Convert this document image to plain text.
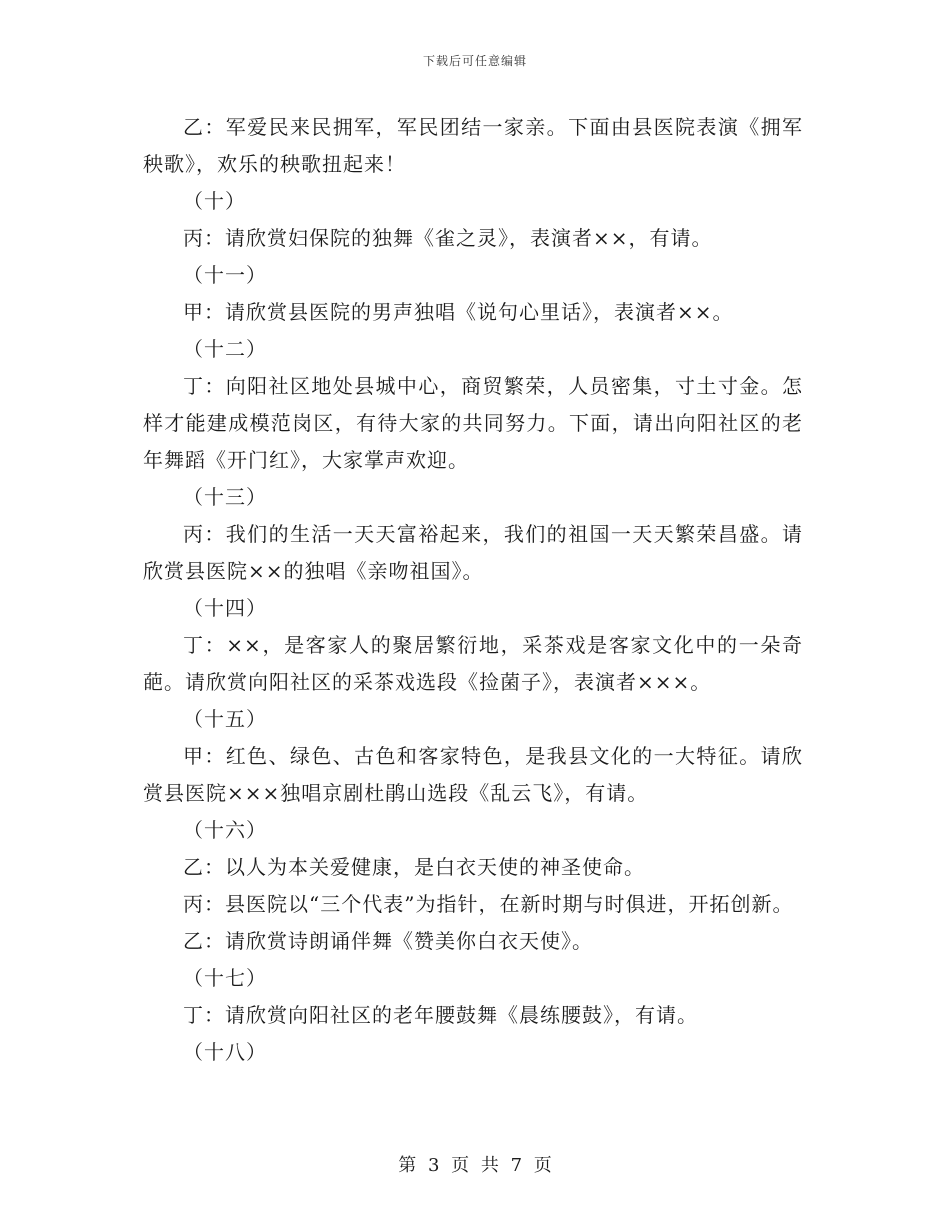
下载后可任意编辑

乙：军爱民来民拥军，军民团结一家亲。下面由县医院表演《拥军秧歌》，欢乐的秧歌扭起来！

（十）

丙：请欣赏妇保院的独舞《雀之灵》，表演者××，有请。

（十一）

甲：请欣赏县医院的男声独唱《说句心里话》，表演者××。

（十二）

丁：向阳社区地处县城中心，商贸繁荣，人员密集，寸土寸金。怎样才能建成模范岗区，有待大家的共同努力。下面，请出向阳社区的老年舞蹈《开门红》，大家掌声欢迎。

（十三）

丙：我们的生活一天天富裕起来，我们的祖国一天天繁荣昌盛。请欣赏县医院××的独唱《亲吻祖国》。

（十四）

丁：××，是客家人的聚居繁衍地，采茶戏是客家文化中的一朵奇葩。请欣赏向阳社区的采茶戏选段《捡菌子》，表演者×××。

（十五）

甲：红色、绿色、古色和客家特色，是我县文化的一大特征。请欣赏县医院×××独唱京剧杜鹃山选段《乱云飞》，有请。

（十六）

乙：以人为本关爱健康，是白衣天使的神圣使命。

丙：县医院以“三个代表”为指针，在新时期与时俱进，开拓创新。

乙：请欣赏诗朗诵伴舞《赞美你白衣天使》。

（十七）

丁：请欣赏向阳社区的老年腰鼓舞《晨练腰鼓》，有请。

（十八）

第 3 页 共 7 页
